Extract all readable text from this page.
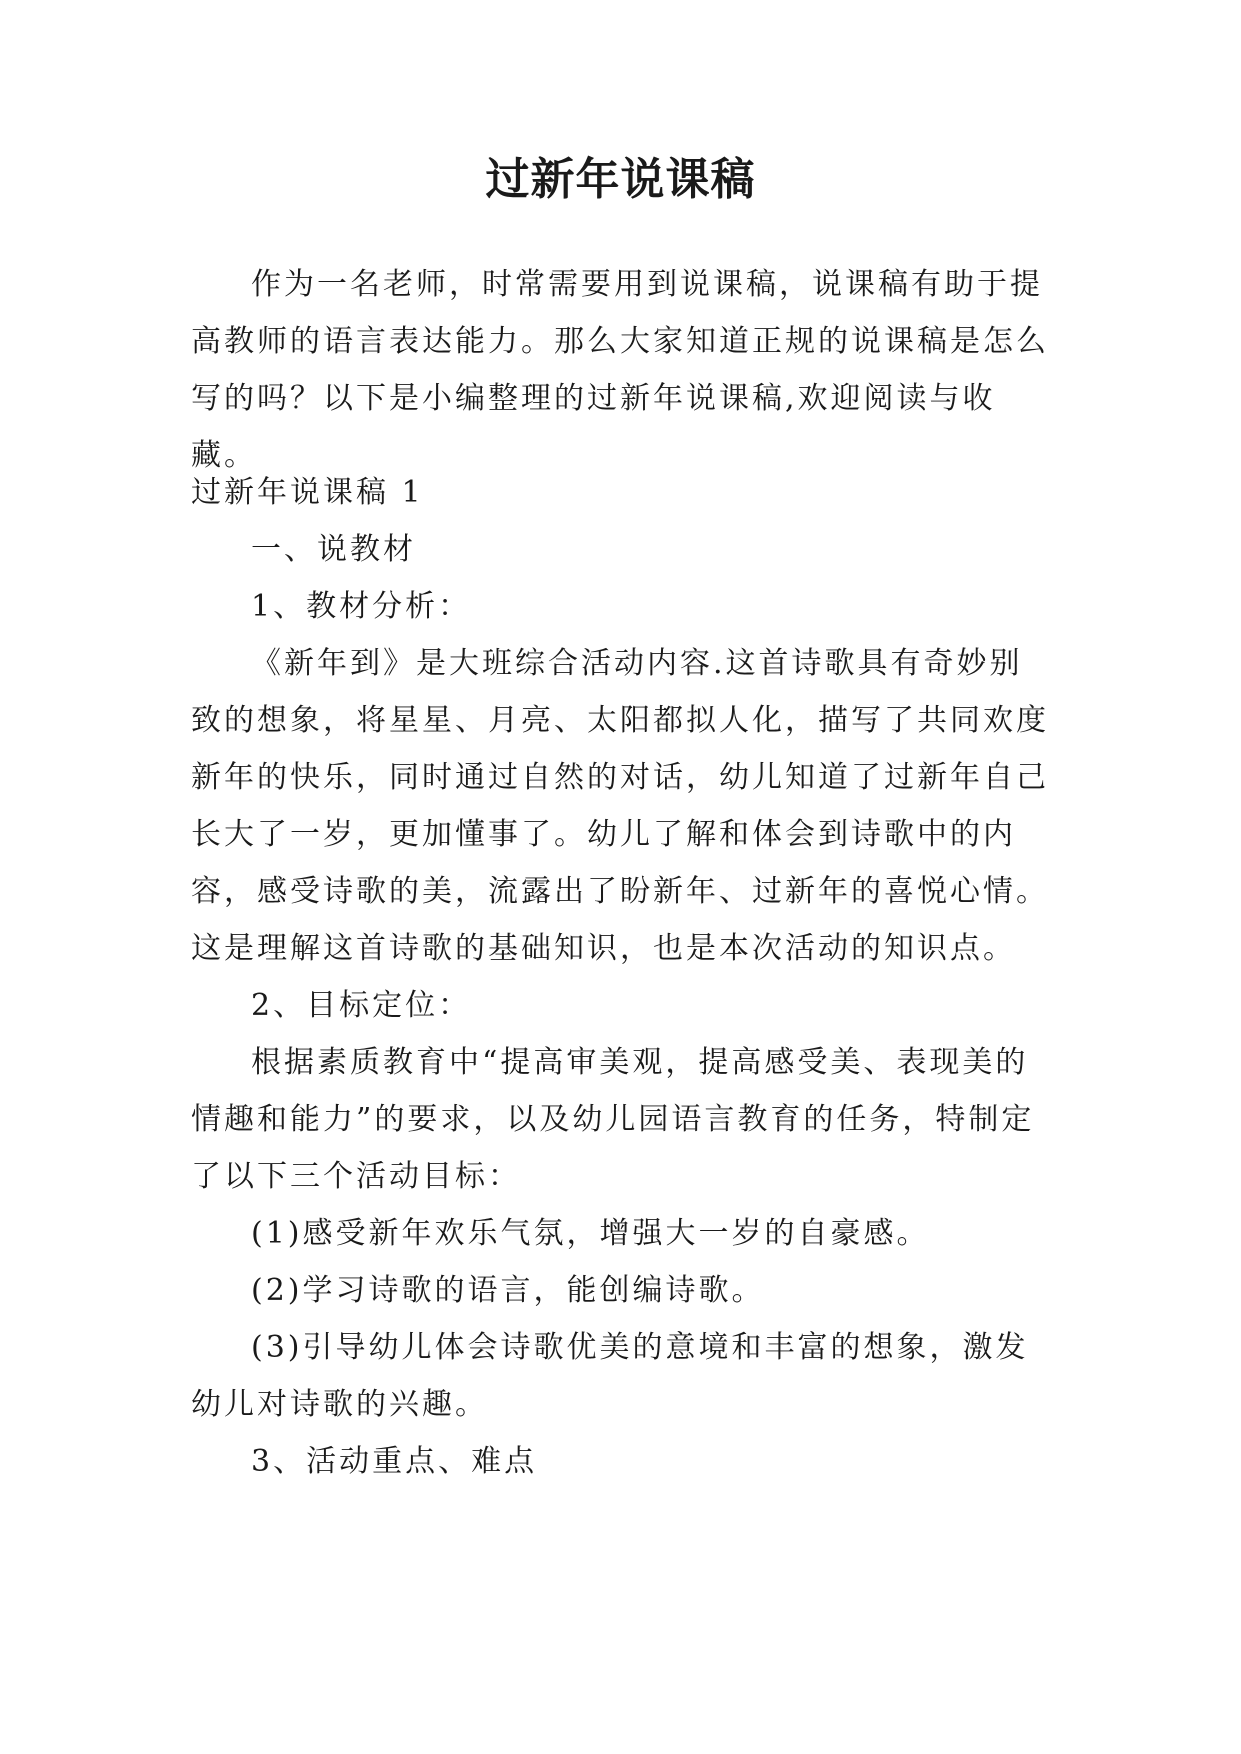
过新年说课稿

作为一名老师，时常需要用到说课稿，说课稿有助于提高教师的语言表达能力。那么大家知道正规的说课稿是怎么写的吗？以下是小编整理的过新年说课稿,欢迎阅读与收藏。

过新年说课稿 1

一、说教材

1、教材分析：

《新年到》是大班综合活动内容.这首诗歌具有奇妙别致的想象，将星星、月亮、太阳都拟人化，描写了共同欢度新年的快乐，同时通过自然的对话，幼儿知道了过新年自己长大了一岁，更加懂事了。幼儿了解和体会到诗歌中的内容，感受诗歌的美，流露出了盼新年、过新年的喜悦心情。这是理解这首诗歌的基础知识，也是本次活动的知识点。

2、目标定位：

根据素质教育中“提高审美观，提高感受美、表现美的情趣和能力”的要求，以及幼儿园语言教育的任务，特制定了以下三个活动目标：

(1)感受新年欢乐气氛，增强大一岁的自豪感。

(2)学习诗歌的语言，能创编诗歌。

(3)引导幼儿体会诗歌优美的意境和丰富的想象，激发幼儿对诗歌的兴趣。

3、活动重点、难点
